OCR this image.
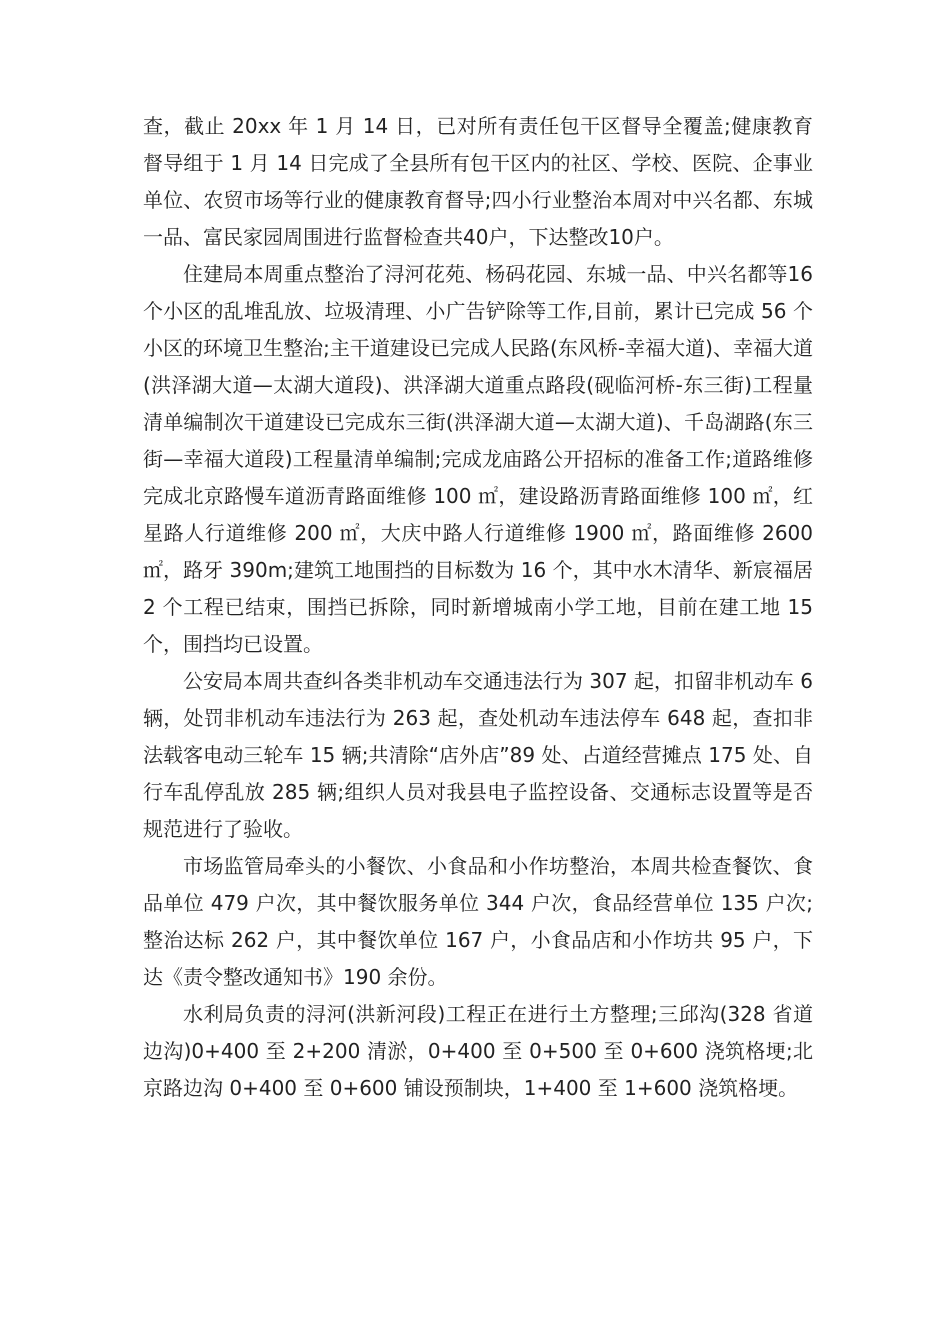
查，截止 20xx 年 1 月 14 日，已对所有责任包干区督导全覆盖;健康教育督导组于 1 月 14 日完成了全县所有包干区内的社区、学校、医院、企事业单位、农贸市场等行业的健康教育督导;四小行业整治本周对中兴名都、东城一品、富民家园周围进行监督检查共40户，下达整改10户。

住建局本周重点整治了浔河花苑、杨码花园、东城一品、中兴名都等16个小区的乱堆乱放、垃圾清理、小广告铲除等工作,目前，累计已完成 56 个小区的环境卫生整治;主干道建设已完成人民路(东风桥-幸福大道)、幸福大道(洪泽湖大道—太湖大道段)、洪泽湖大道重点路段(砚临河桥-东三街)工程量清单编制次干道建设已完成东三街(洪泽湖大道—太湖大道)、千岛湖路(东三街—幸福大道段)工程量清单编制;完成龙庙路公开招标的准备工作;道路维修完成北京路慢车道沥青路面维修 100 ㎡，建设路沥青路面维修 100 ㎡，红星路人行道维修 200 ㎡，大庆中路人行道维修 1900 ㎡，路面维修 2600 ㎡，路牙 390m;建筑工地围挡的目标数为 16 个，其中水木清华、新宸福居 2 个工程已结束，围挡已拆除，同时新增城南小学工地，目前在建工地 15 个，围挡均已设置。

公安局本周共查纠各类非机动车交通违法行为 307 起，扣留非机动车 6 辆，处罚非机动车违法行为 263 起，查处机动车违法停车 648 起，查扣非法载客电动三轮车 15 辆;共清除“店外店”89 处、占道经营摊点 175 处、自行车乱停乱放 285 辆;组织人员对我县电子监控设备、交通标志设置等是否规范进行了验收。

市场监管局牵头的小餐饮、小食品和小作坊整治，本周共检查餐饮、食品单位 479 户次，其中餐饮服务单位 344 户次，食品经营单位 135 户次;整治达标 262 户，其中餐饮单位 167 户，小食品店和小作坊共 95 户，下达《责令整改通知书》190 余份。

水利局负责的浔河(洪新河段)工程正在进行土方整理;三邱沟(328 省道边沟)0+400 至 2+200 清淤，0+400 至 0+500 至 0+600 浇筑格埂;北京路边沟 0+400 至 0+600 铺设预制块，1+400 至 1+600 浇筑格埂。
